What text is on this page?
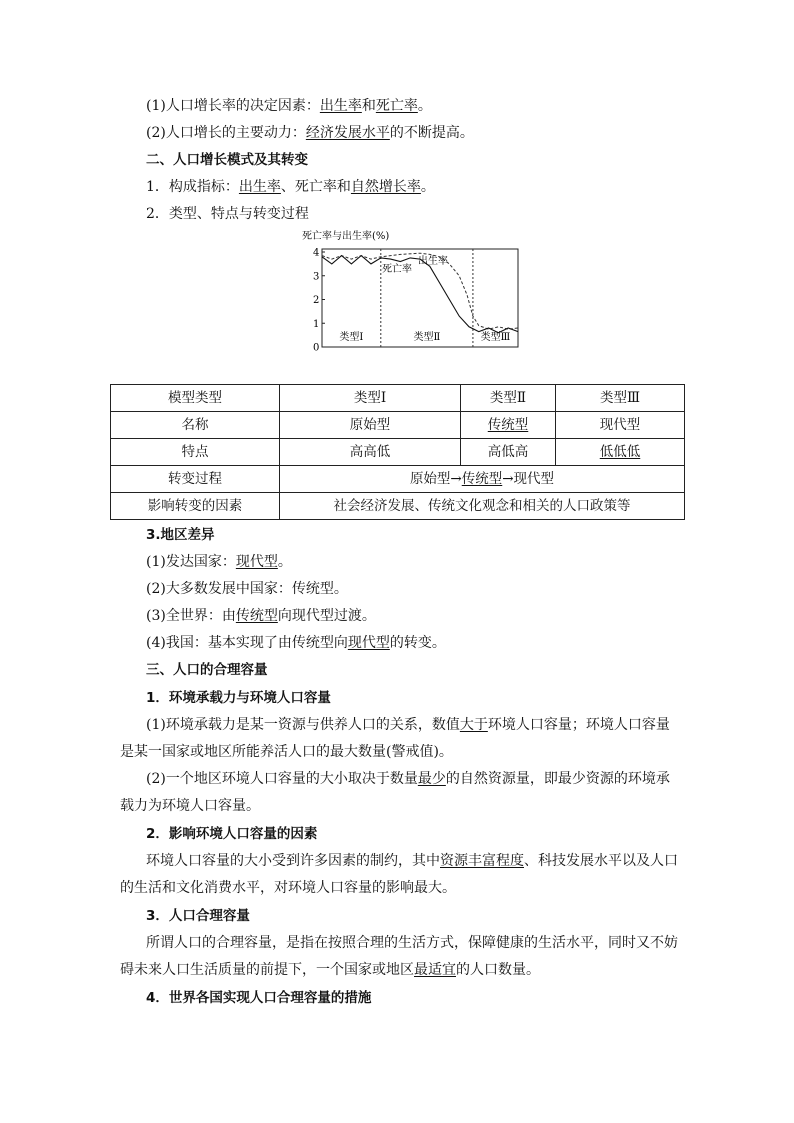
(1)人口增长率的决定因素：出生率和死亡率。
(2)人口增长的主要动力：经济发展水平的不断提高。
二、人口增长模式及其转变
1．构成指标：出生率、死亡率和自然增长率。
2．类型、特点与转变过程
死亡率与出生率(%)
0
1
2
3
4
类型Ⅰ	类型Ⅱ	类型Ⅲ
出生率
死亡率
模型类型	类型Ⅰ	类型Ⅱ	类型Ⅲ
名称	原始型	传统型	现代型
特点	高高低	高低高	低低低
转变过程	原始型→传统型→现代型		
影响转变的因素	社会经济发展、传统文化观念和相关的人口政策等		
3.地区差异
(1)发达国家：现代型。
(2)大多数发展中国家：传统型。
(3)全世界：由传统型向现代型过渡。
(4)我国：基本实现了由传统型向现代型的转变。
三、人口的合理容量
1．环境承载力与环境人口容量
(1)环境承载力是某一资源与供养人口的关系，数值大于环境人口容量；环境人口容量
是某一国家或地区所能养活人口的最大数量(警戒值)。
(2)一个地区环境人口容量的大小取决于数量最少的自然资源量，即最少资源的环境承
载力为环境人口容量。
2．影响环境人口容量的因素
环境人口容量的大小受到许多因素的制约，其中资源丰富程度、科技发展水平以及人口
的生活和文化消费水平，对环境人口容量的影响最大。
3．人口合理容量
所谓人口的合理容量，是指在按照合理的生活方式，保障健康的生活水平，同时又不妨
碍未来人口生活质量的前提下，一个国家或地区最适宜的人口数量。
4．世界各国实现人口合理容量的措施
